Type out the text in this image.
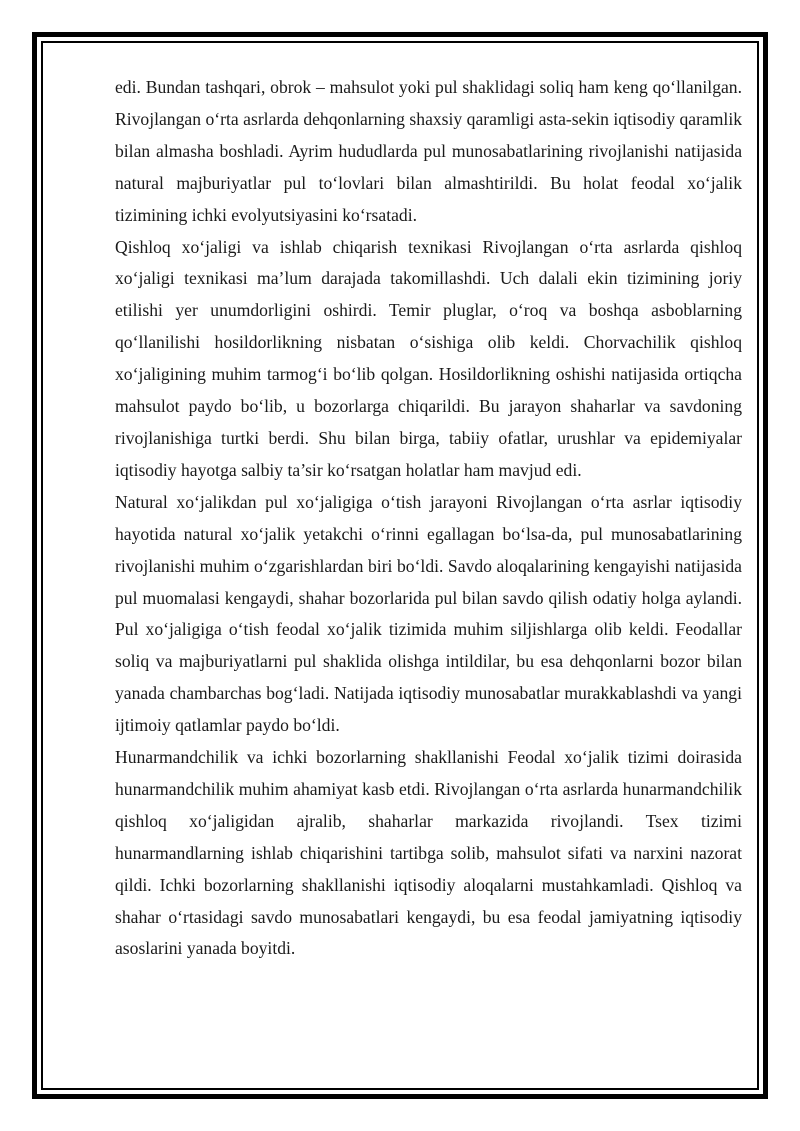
edi. Bundan tashqari, obrok – mahsulot yoki pul shaklidagi soliq ham keng qo‘llanilgan. Rivojlangan o‘rta asrlarda dehqonlarning shaxsiy qaramligi asta-sekin iqtisodiy qaramlik bilan almasha boshladi. Ayrim hududlarda pul munosabatlarining rivojlanishi natijasida natural majburiyatlar pul to‘lovlari bilan almashtirildi. Bu holat feodal xo‘jalik tizimining ichki evolyutsiyasini ko‘rsatadi.

Qishloq xo‘jaligi va ishlab chiqarish texnikasi Rivojlangan o‘rta asrlarda qishloq xo‘jaligi texnikasi ma’lum darajada takomillashdi. Uch dalali ekin tizimining joriy etilishi yer unumdorligini oshirdi. Temir pluglar, o‘roq va boshqa asboblarning qo‘llanilishi hosildorlikning nisbatan o‘sishiga olib keldi. Chorvachilik qishloq xo‘jaligining muhim tarmog‘i bo‘lib qolgan. Hosildorlikning oshishi natijasida ortiqcha mahsulot paydo bo‘lib, u bozorlarga chiqarildi. Bu jarayon shaharlar va savdoning rivojlanishiga turtki berdi. Shu bilan birga, tabiiy ofatlar, urushlar va epidemiyalar iqtisodiy hayotga salbiy ta’sir ko‘rsatgan holatlar ham mavjud edi.

Natural xo‘jalikdan pul xo‘jaligiga o‘tish jarayoni Rivojlangan o‘rta asrlar iqtisodiy hayotida natural xo‘jalik yetakchi o‘rinni egallagan bo‘lsa-da, pul munosabatlarining rivojlanishi muhim o‘zgarishlardan biri bo‘ldi. Savdo aloqalarining kengayishi natijasida pul muomalasi kengaydi, shahar bozorlarida pul bilan savdo qilish odatiy holga aylandi. Pul xo‘jaligiga o‘tish feodal xo‘jalik tizimida muhim siljishlarga olib keldi. Feodallar soliq va majburiyatlarni pul shaklida olishga intildilar, bu esa dehqonlarni bozor bilan yanada chambarchas bog‘ladi. Natijada iqtisodiy munosabatlar murakkablashdi va yangi ijtimoiy qatlamlar paydo bo‘ldi.

Hunarmandchilik va ichki bozorlarning shakllanishi Feodal xo‘jalik tizimi doirasida hunarmandchilik muhim ahamiyat kasb etdi. Rivojlangan o‘rta asrlarda hunarmandchilik qishloq xo‘jaligidan ajralib, shaharlar markazida rivojlandi. Tsex tizimi hunarmandlarning ishlab chiqarishini tartibga solib, mahsulot sifati va narxini nazorat qildi. Ichki bozorlarning shakllanishi iqtisodiy aloqalarni mustahkamladi. Qishloq va shahar o‘rtasidagi savdo munosabatlari kengaydi, bu esa feodal jamiyatning iqtisodiy asoslarini yanada boyitdi.
